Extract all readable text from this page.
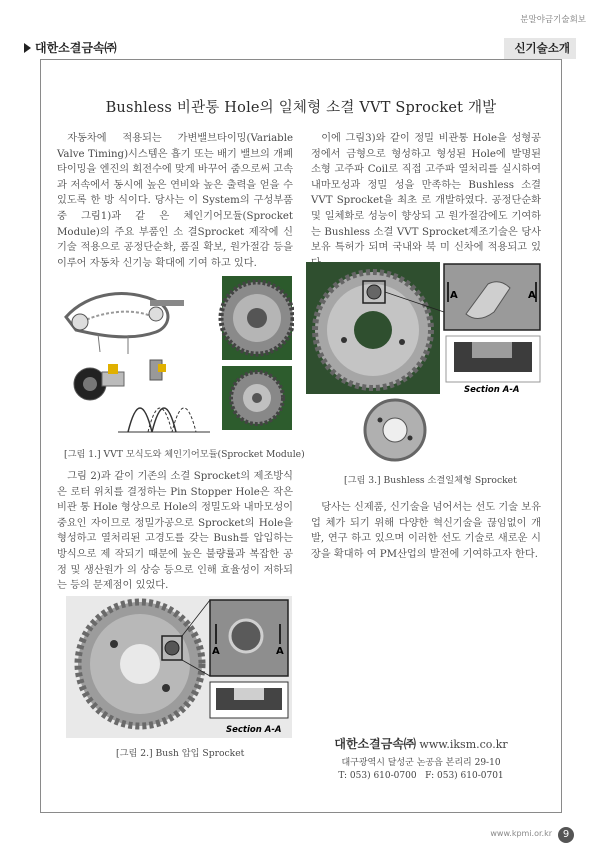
분말야금기술회보
대한소결금속㈜	신기술소개
Bushless 비관통 Hole의 일체형 소결 VVT Sprocket 개발
자동차에 적용되는 가변밸브타이밍(Variable Valve Timing)시스템은 흡기 또는 배기 밸브의 개폐 타이밍을 엔진의 회전수에 맞게 바꾸어 줌으로써 고속과 저속에서 동시에 높은 연비와 높은 출력을 얻을 수 있도록 한 방 식이다. 당사는 이 System의 구성부품 중 그림1)과 같 은 체인기어모듈(Sprocket Module)의 주요 부품인 소 결Sprocket 제작에 신기술 적용으로 공정단순화, 품질 확보, 원가절감 등을 이루어 자동차 신기능 확대에 기여 하고 있다.
[그림 1.] VVT 모식도와 체인기어모듈(Sprocket Module)
그림 2)과 같이 기존의 소결 Sprocket의 제조방식은 로터 위치를 결정하는 Pin Stopper Hole은 작은 비관 통 Hole 형상으로 Hole의 정밀도와 내마모성이 중요인 자이므로 정밀가공으로 Sprocket의 Hole을 형성하고 열처리된 고경도를 갖는 Bush를 압입하는 방식으로 제 작되기 때문에 높은 불량률과 복잡한 공정 및 생산원가 의 상승 등으로 인해 효율성이 저하되는 등의 문제점이 있었다.
A	A
Section A-A
[그림 2.] Bush 압입 Sprocket
이에 그림3)와 같이 정밀 비관통 Hole을 성형공정에서 금형으로 형성하고 형성된 Hole에 발명된 소형 고주파 Coil로 직접 고주파 열처리를 실시하여 내마모성과 정밀 성을 만족하는 Bushless 소결 VVT Sprocket을 최초 로 개발하였다. 공정단순화 및 일체화로 성능이 향상되 고 원가절감에도 기여하는 Bushless 소결 VVT Sprocket제조기술은 당사 보유 특허가 되며 국내와 북 미 신차에 적용되고 있
A	A
Section A-A
[그림 3.] Bushless 소결일체형 Sprocket
당사는 신제품, 신기술을 넘어서는 선도 기술 보유 업 체가 되기 위해 다양한 혁신기술을 끊임없이 개발, 연구 하고 있으며 이러한 선도 기술로 새로운 시장을 확대하 여 PM산업의 발전에 기여하고자 한다.
대한소결금속㈜ www.iksm.co.kr
대구광역시 달성군 논공읍 본리리 29-10
T: 053) 610-0700 F: 053) 610-0701
www.kpmi.or.kr	9
